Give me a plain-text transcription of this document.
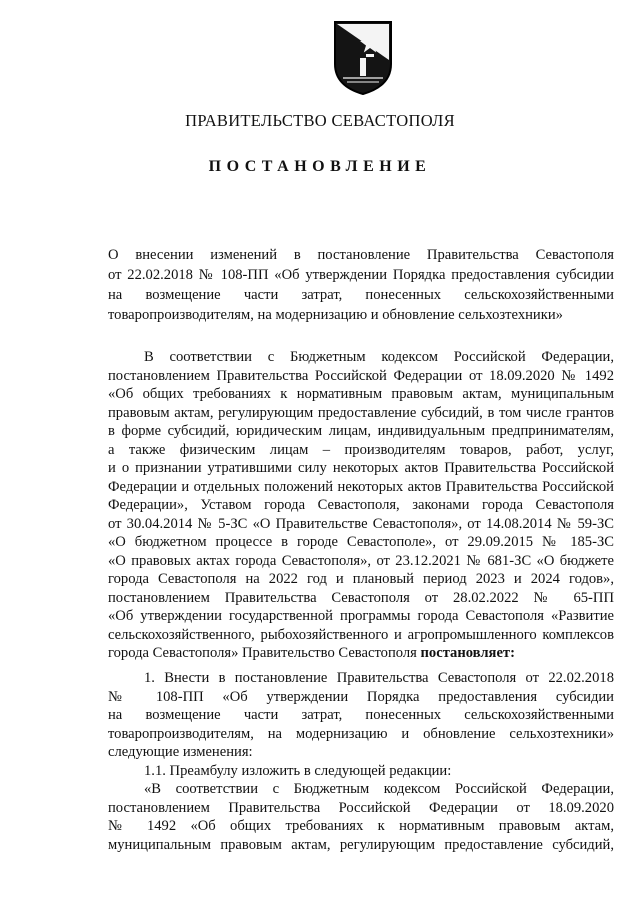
ПРАВИТЕЛЬСТВО СЕВАСТОПОЛЯ
ПОСТАНОВЛЕНИЕ
О внесении изменений в постановление Правительства Севастополя
от 22.02.2018 № 108-ПП «Об утверждении Порядка предоставления субсидии
на возмещение части затрат, понесенных сельскохозяйственными
товаропроизводителям, на модернизацию и обновление сельхозтехники»
В соответствии с Бюджетным кодексом Российской Федерации,
постановлением Правительства Российской Федерации от 18.09.2020 № 1492
«Об общих требованиях к нормативным правовым актам, муниципальным
правовым актам, регулирующим предоставление субсидий, в том числе грантов
в форме субсидий, юридическим лицам, индивидуальным предпринимателям,
а также физическим лицам – производителям товаров, работ, услуг,
и о признании утратившими силу некоторых актов Правительства Российской
Федерации и отдельных положений некоторых актов Правительства Российской
Федерации», Уставом города Севастополя, законами города Севастополя
от 30.04.2014 № 5-ЗС «О Правительстве Севастополя», от 14.08.2014 № 59-ЗС
«О бюджетном процессе в городе Севастополе», от 29.09.2015 № 185-ЗС
«О правовых актах города Севастополя», от 23.12.2021 № 681-ЗС «О бюджете
города Севастополя на 2022 год и плановый период 2023 и 2024 годов»,
постановлением Правительства Севастополя от 28.02.2022 № 65-ПП
«Об утверждении государственной программы города Севастополя «Развитие
сельскохозяйственного, рыбохозяйственного и агропромышленного комплексов
города Севастополя» Правительство Севастополя постановляет:
1. Внести в постановление Правительства Севастополя от 22.02.2018
№ 108-ПП «Об утверждении Порядка предоставления субсидии
на возмещение части затрат, понесенных сельскохозяйственными
товаропроизводителям, на модернизацию и обновление сельхозтехники»
следующие изменения:
1.1. Преамбулу изложить в следующей редакции:
«В соответствии с Бюджетным кодексом Российской Федерации,
постановлением Правительства Российской Федерации от 18.09.2020
№ 1492 «Об общих требованиях к нормативным правовым актам,
муниципальным правовым актам, регулирующим предоставление субсидий,
